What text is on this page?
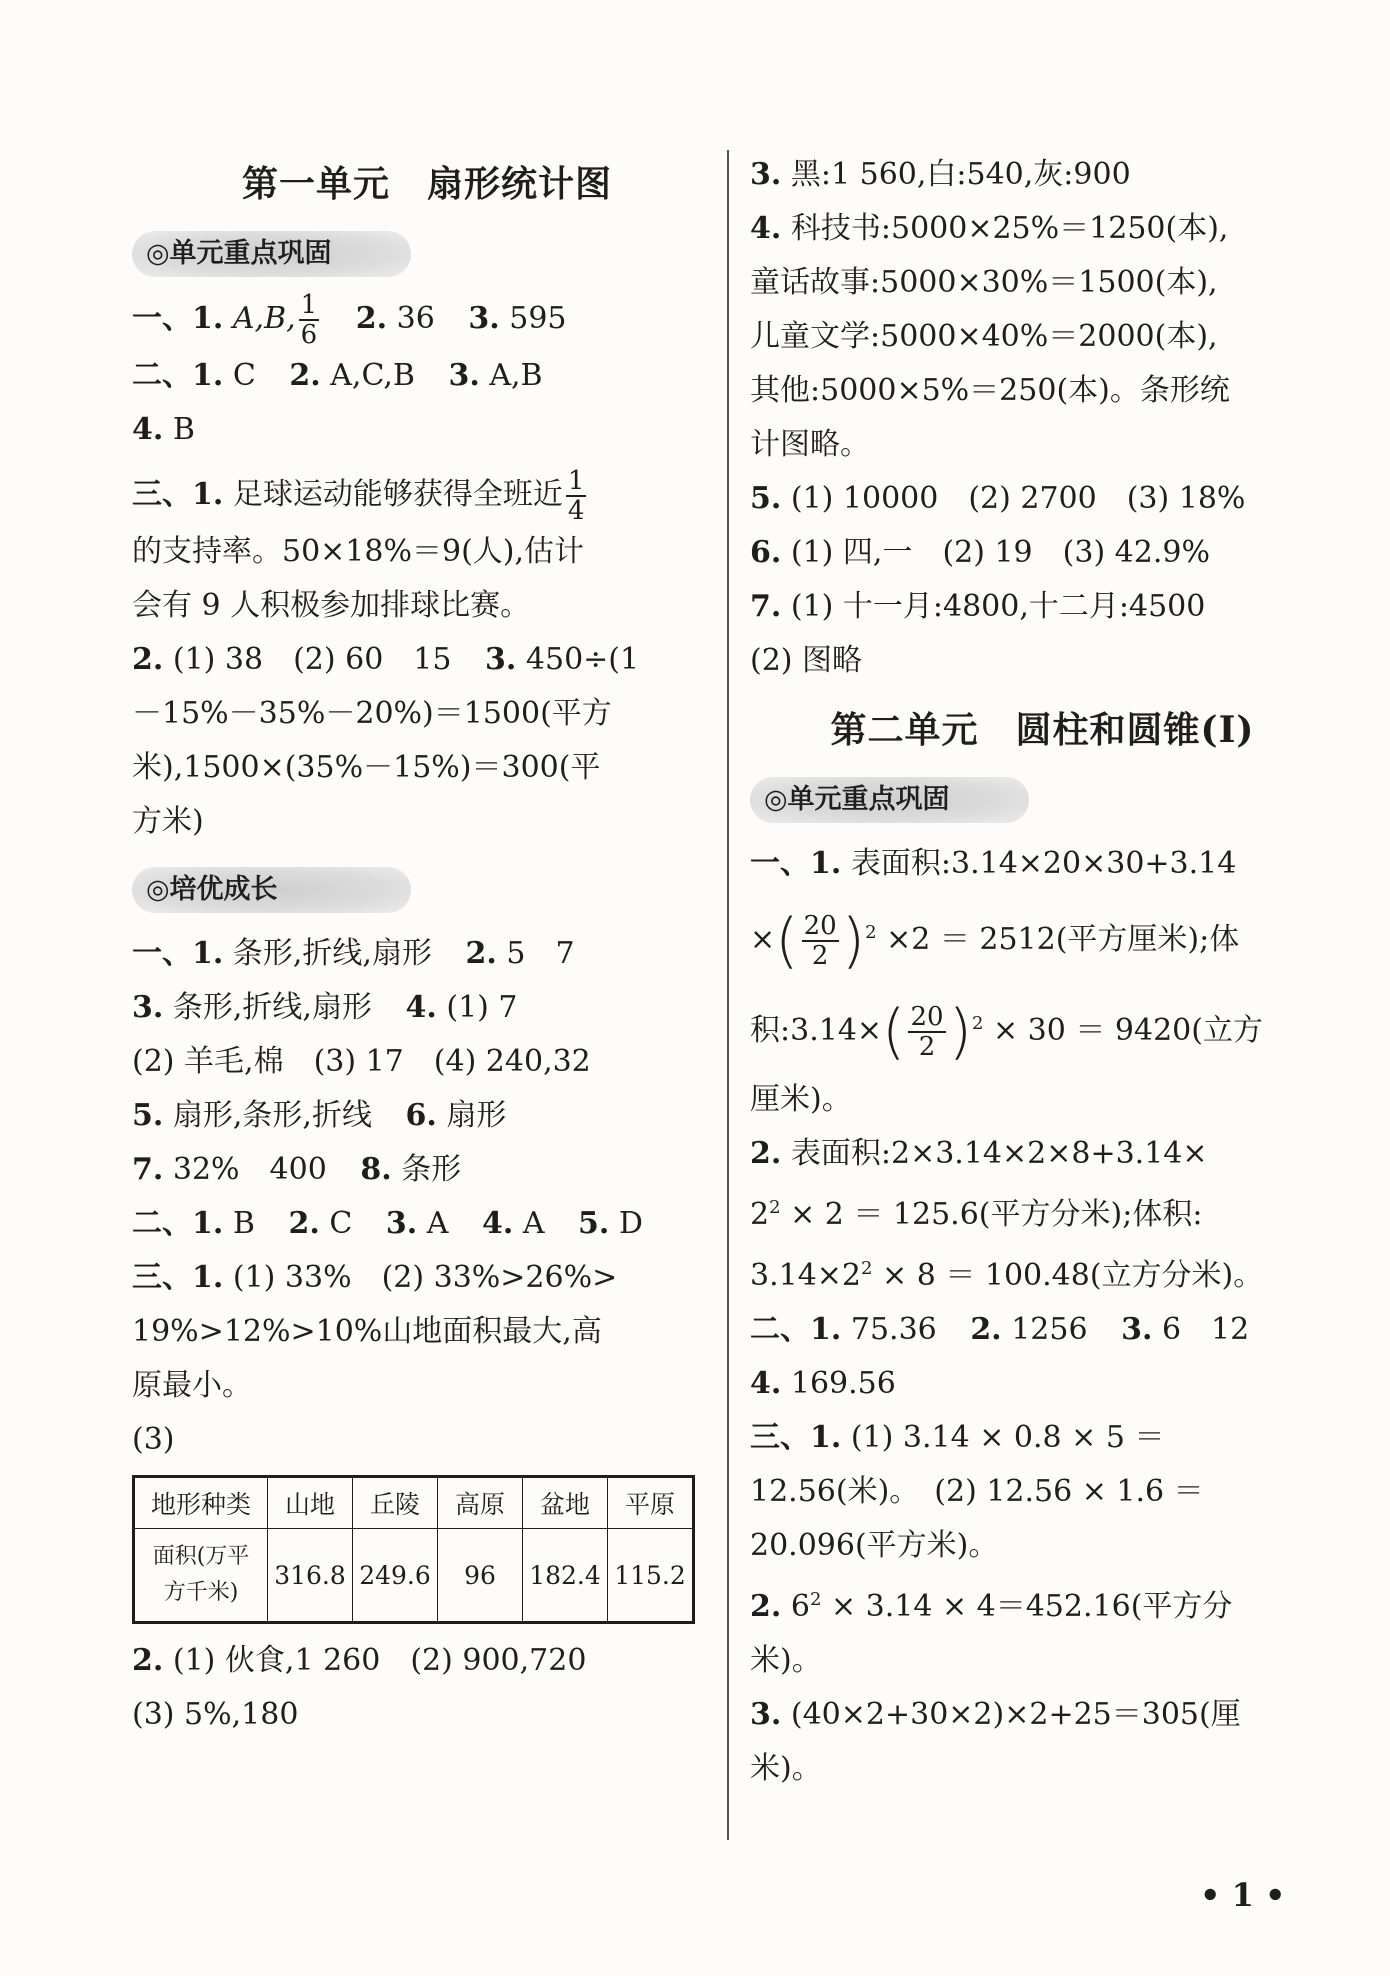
第一单元　扇形统计图
◎单元重点巩固
一、1. A,B, $\frac{1}{6} 2$. 36 3. 595
二、1. C 2. A,C,B 3. A,B
4. B
三、1. 足球运动能够获得全班近 $\frac{1}{4}$
的支持率。50×18%＝9(人),估计
会有 9 人积极参加排球比赛。
2. (1) 38　(2) 60　15 3. 450÷(1
－15%－35%－20%)＝1500(平方
米),1500×(35%－15%)＝300(平
方米)
◎培优成长
一、1. 条形,折线,扇形 2. 5　7
3. 条形,折线,扇形 4. (1) 7
(2) 羊毛,棉　(3) 17　(4) 240,32
5. 扇形,条形,折线 6. 扇形
7. 32%　400 8. 条形
二、1. B 2. C 3. A 4. A 5. D
三、1. (1) 33%　(2) 33%>26%>
19%>12%>10%山地面积最大,高
原最小。
(3)
地形种类	山地	丘陵	高原	盆地	平原
面积(万平
方千米)	316.8	249.6	96	182.4	115.2
2. (1) 伙食,1 260　(2) 900,720
(3) 5%,180
3. 黑:1 560,白:540,灰:900
4. 科技书:5000×25%＝1250(本),
童话故事:5000×30%＝1500(本),
儿童文学:5000×40%＝2000(本),
其他:5000×5%＝250(本)。条形统
计图略。
5. (1) 10000　(2) 2700　(3) 18%
6. (1) 四,一　(2) 19　(3) 42.9%
7. (1) 十一月:4800,十二月:4500
(2) 图略
第二单元　圆柱和圆锥(Ⅰ)
◎单元重点巩固
一、1. 表面积:3.14×20×30+3.14
×( $\frac{20}{2} )^2 \times 2 = 2512$(平方厘米);体
积:3.14×( $\frac{20}{2} )^2 \times 30 = 9420$(立方
厘米)。
2. 表面积:2×3.14×2×8+3.14×
$2^2 \times 2 = 125.6$(平方分米);体积:
$3.14\times 2^2 \times 8 = 100.48$(立方分米)。
二、1. 75.36 2. 1256 3. 6　12
4. 169.56
三、1. (1) 3.14 × 0.8 × 5 ＝
12.56(米)。　(2) 12.56 × 1.6 ＝
20.096(平方米)。
2. $6^2 \times 3.14 \times 4=452.16$(平方分
米)。
3. (40×2+30×2)×2+25＝305(厘
米)。
• 1 •
